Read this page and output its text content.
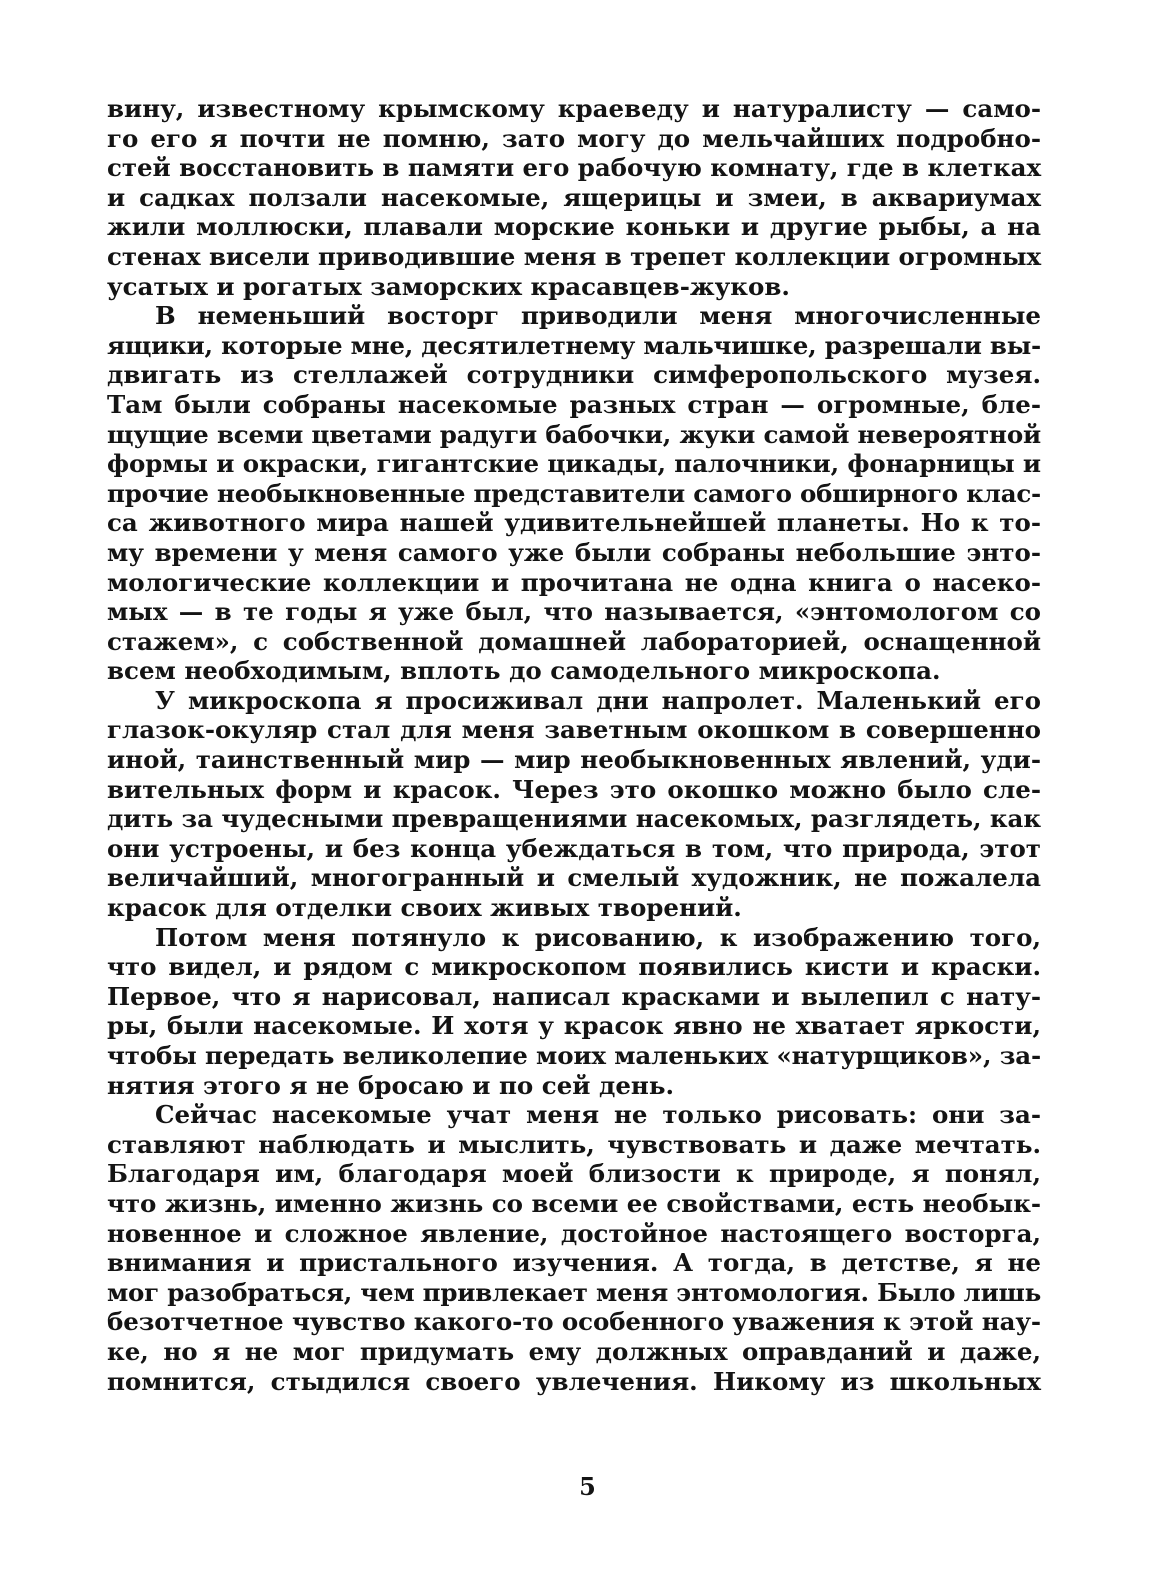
вину, известному крымскому краеведу и натуралисту — само-
го его я почти не помню, зато могу до мельчайших подробно-
стей восстановить в памяти его рабочую комнату, где в клетках
и садках ползали насекомые, ящерицы и змеи, в аквариумах
жили моллюски, плавали морские коньки и другие рыбы, а на
стенах висели приводившие меня в трепет коллекции огромных
усатых и рогатых заморских красавцев-жуков.
В неменьший восторг приводили меня многочисленные
ящики, которые мне, десятилетнему мальчишке, разрешали вы-
двигать из стеллажей сотрудники симферопольского музея.
Там были собраны насекомые разных стран — огромные, бле-
щущие всеми цветами радуги бабочки, жуки самой невероятной
формы и окраски, гигантские цикады, палочники, фонарницы и
прочие необыкновенные представители самого обширного клас-
са животного мира нашей удивительнейшей планеты. Но к то-
му времени у меня самого уже были собраны небольшие энто-
мологические коллекции и прочитана не одна книга о насеко-
мых — в те годы я уже был, что называется, «энтомологом со
стажем», с собственной домашней лабораторией, оснащенной
всем необходимым, вплоть до самодельного микроскопа.
У микроскопа я просиживал дни напролет. Маленький его
глазок-окуляр стал для меня заветным окошком в совершенно
иной, таинственный мир — мир необыкновенных явлений, уди-
вительных форм и красок. Через это окошко можно было сле-
дить за чудесными превращениями насекомых, разглядеть, как
они устроены, и без конца убеждаться в том, что природа, этот
величайший, многогранный и смелый художник, не пожалела
красок для отделки своих живых творений.
Потом меня потянуло к рисованию, к изображению того,
что видел, и рядом с микроскопом появились кисти и краски.
Первое, что я нарисовал, написал красками и вылепил с нату-
ры, были насекомые. И хотя у красок явно не хватает яркости,
чтобы передать великолепие моих маленьких «натурщиков», за-
нятия этого я не бросаю и по сей день.
Сейчас насекомые учат меня не только рисовать: они за-
ставляют наблюдать и мыслить, чувствовать и даже мечтать.
Благодаря им, благодаря моей близости к природе, я понял,
что жизнь, именно жизнь со всеми ее свойствами, есть необык-
новенное и сложное явление, достойное настоящего восторга,
внимания и пристального изучения. А тогда, в детстве, я не
мог разобраться, чем привлекает меня энтомология. Было лишь
безотчетное чувство какого-то особенного уважения к этой нау-
ке, но я не мог придумать ему должных оправданий и даже,
помнится, стыдился своего увлечения. Никому из школьных
5
